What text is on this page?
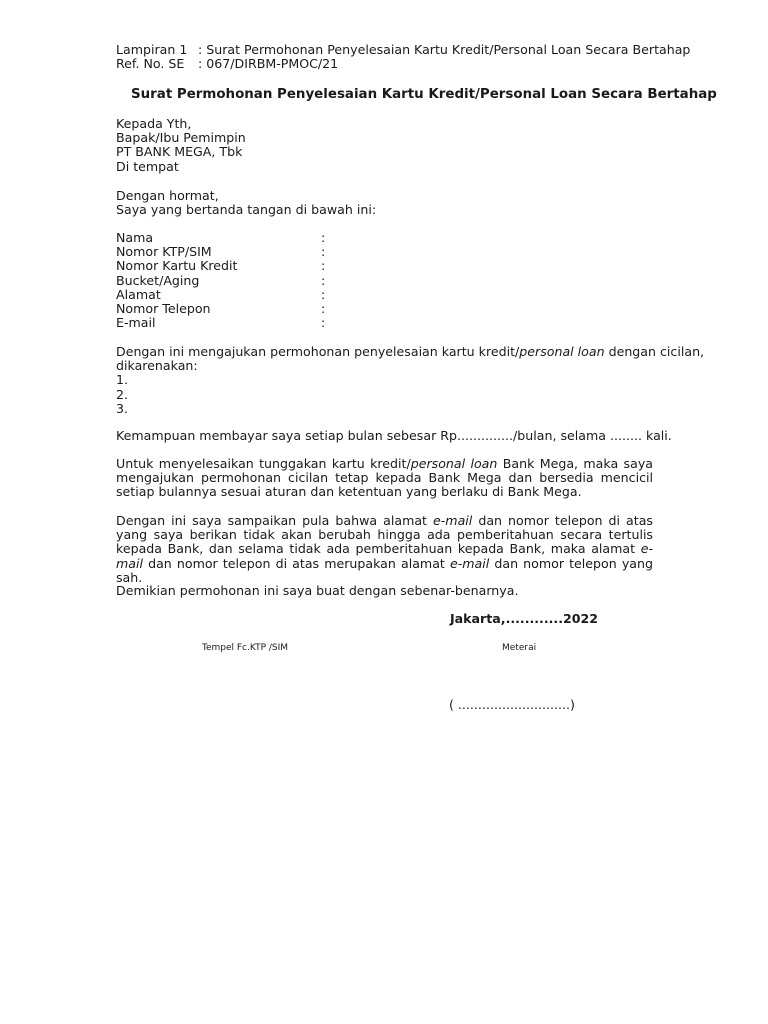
Lampiran 1 : Surat Permohonan Penyelesaian Kartu Kredit/Personal Loan Secara Bertahap
Ref. No. SE	: 067/DIRBM-PMOC/21
Surat Permohonan Penyelesaian Kartu Kredit/Personal Loan Secara Bertahap
Kepada Yth,
Bapak/Ibu Pemimpin
PT BANK MEGA, Tbk
Di tempat
Dengan hormat,
Saya yang bertanda tangan di bawah ini:
Nama	:
Nomor KTP/SIM	:
Nomor Kartu Kredit	:
Bucket/Aging	:
Alamat	:
Nomor Telepon	:
E-mail	:
Dengan ini mengajukan permohonan penyelesaian kartu kredit/personal loan dengan cicilan,
dikarenakan:
1.
2.
3.
Kemampuan membayar saya setiap bulan sebesar Rp............../bulan, selama ........ kali.
Untuk menyelesaikan tunggakan kartu kredit/personal loan Bank Mega, maka saya mengajukan permohonan cicilan tetap kepada Bank Mega dan bersedia mencicil setiap bulannya sesuai aturan dan ketentuan yang berlaku di Bank Mega.
Dengan ini saya sampaikan pula bahwa alamat e-mail dan nomor telepon di atas yang saya berikan tidak akan berubah hingga ada pemberitahuan secara tertulis kepada Bank, dan selama tidak ada pemberitahuan kepada Bank, maka alamat e-mail dan nomor telepon di atas merupakan alamat e-mail dan nomor telepon yang sah.
Demikian permohonan ini saya buat dengan sebenar-benarnya.
Jakarta,............2022
Tempel Fc.KTP /SIM	Meterai
( ............................)
